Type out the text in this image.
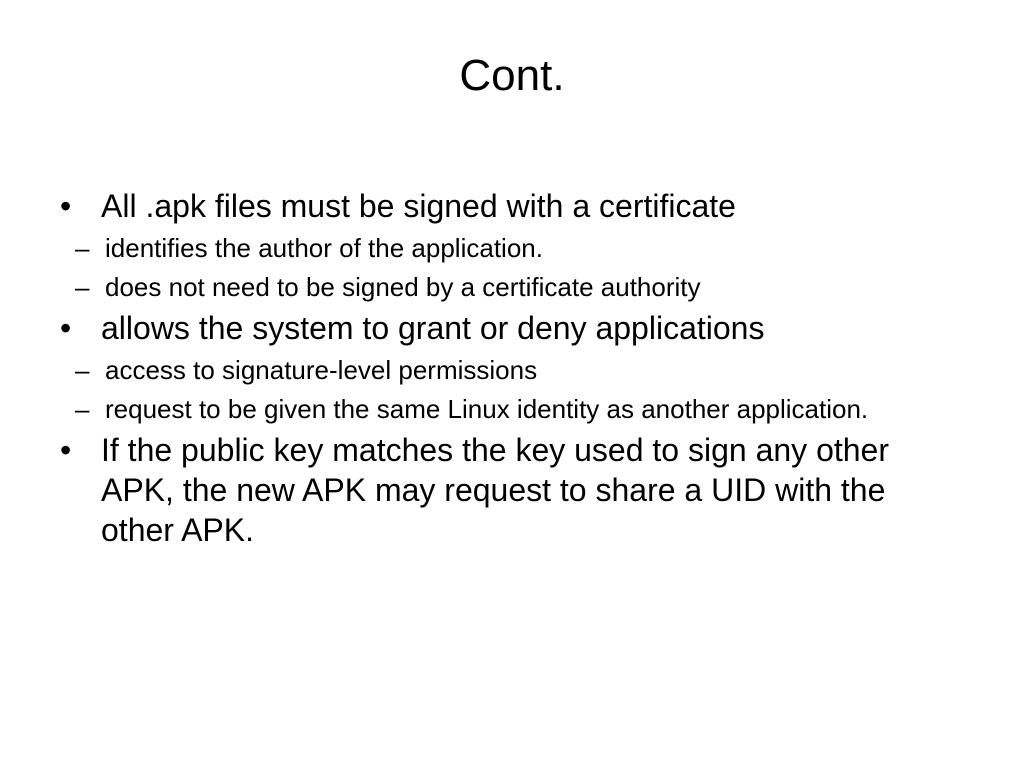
Cont.
• All .apk files must be signed with a certificate
– identifies the author of the application.
– does not need to be signed by a certificate authority
• allows the system to grant or deny applications
– access to signature-level permissions
– request to be given the same Linux identity as another application.
• If the public key matches the key used to sign any other APK, the new APK may request to share a UID with the other APK.
